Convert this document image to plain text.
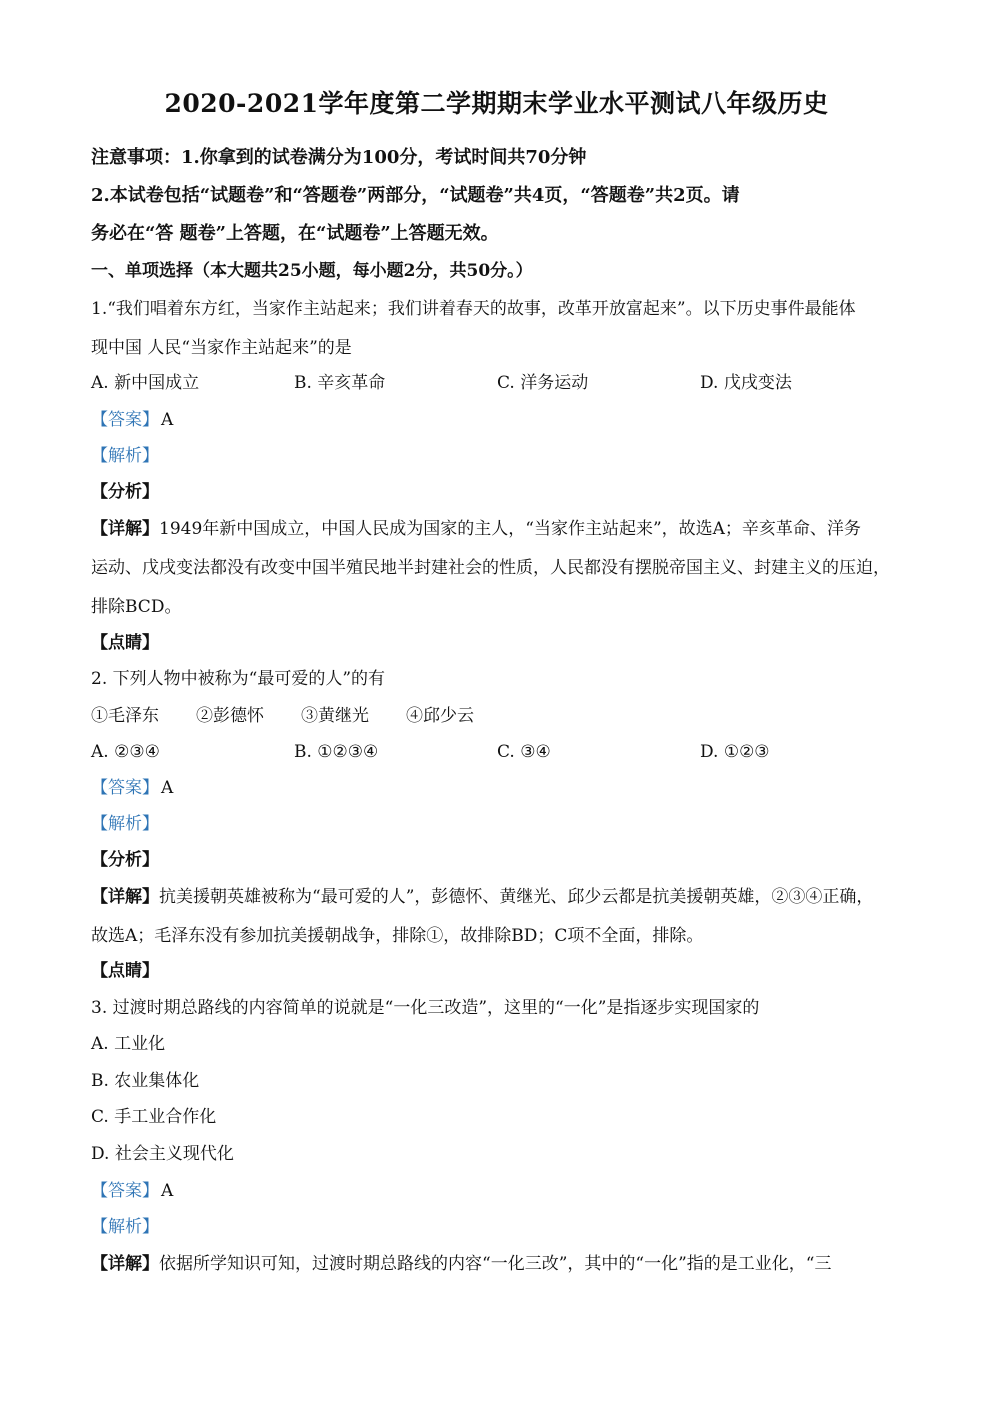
2020-2021学年度第二学期期末学业水平测试八年级历史
注意事项：1.你拿到的试卷满分为100分，考试时间共70分钟
2.本试卷包括“试题卷”和“答题卷”两部分，“试题卷”共4页，“答题卷”共2页。请
务必在“答 题卷”上答题，在“试题卷”上答题无效。
一、单项选择（本大题共25小题，每小题2分，共50分。）
1.“我们唱着东方红，当家作主站起来；我们讲着春天的故事，改革开放富起来”。以下历史事件最能体
现中国 人民“当家作主站起来”的是
A. 新中国成立	B. 辛亥革命	C. 洋务运动	D. 戊戌变法
【答案】 A
【解析】
【分析】
【详解】1949年新中国成立，中国人民成为国家的主人，“当家作主站起来”，故选A；辛亥革命、洋务
运动、戊戌变法都没有改变中国半殖民地半封建社会的性质，人民都没有摆脱帝国主义、封建主义的压迫，
排除BCD。
【点睛】
2. 下列人物中被称为“最可爱的人”的有
①毛泽东 ②彭德怀 ③黄继光 ④邱少云
A. ②③④	B. ①②③④	C. ③④	D. ①②③
【答案】 A
【解析】
【分析】
【详解】抗美援朝英雄被称为“最可爱的人”，彭德怀、黄继光、邱少云都是抗美援朝英雄，②③④正确，
故选A；毛泽东没有参加抗美援朝战争，排除①，故排除BD；C项不全面，排除。
【点睛】
3. 过渡时期总路线的内容简单的说就是“一化三改造”，这里的“一化”是指逐步实现国家的
A. 工业化
B. 农业集体化
C. 手工业合作化
D. 社会主义现代化
【答案】 A
【解析】
【详解】依据所学知识可知，过渡时期总路线的内容“一化三改”，其中的“一化”指的是工业化，“三
